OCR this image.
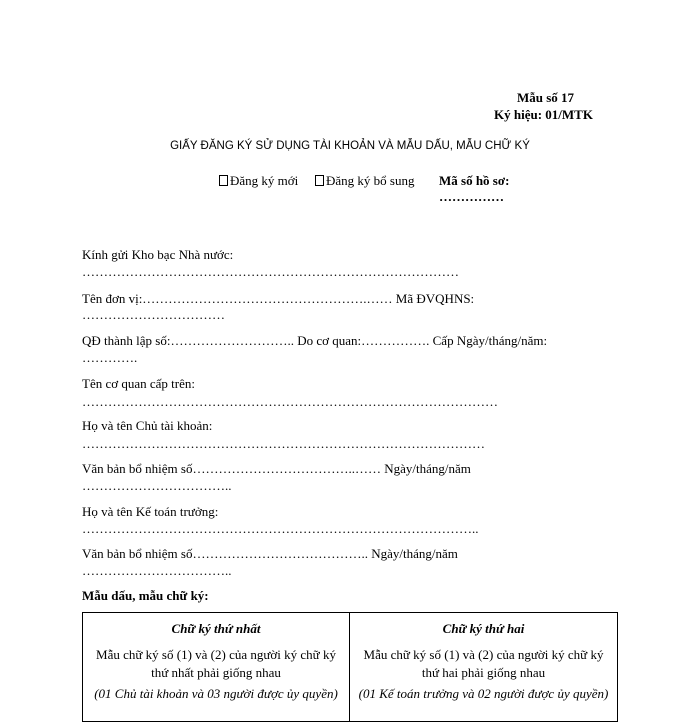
Mẫu số 17
Ký hiệu: 01/MTK
GIẤY ĐĂNG KÝ SỬ DỤNG TÀI KHOẢN VÀ MẪU DẤU, MẪU CHỮ KÝ
Đăng ký mới	Đăng ký bổ sung Mã số hồ sơ:
……………
Kính gửi Kho bạc Nhà nước:
……………………………………………………………………………
Tên đơn vị:…………………………………………….…… Mã ĐVQHNS:
……………………………
QĐ thành lập số:……………………….. Do cơ quan:……………. Cấp Ngày/tháng/năm:
………….
Tên cơ quan cấp trên:
……………………………………………………………………………………
Họ và tên Chủ tài khoản:
…………………………………………………………………………………
Văn bản bổ nhiệm số………………………………..…… Ngày/tháng/năm
……………………………..
Họ và tên Kế toán trưởng:
………………………………………………………………………………..
Văn bản bổ nhiệm số………………………………….. Ngày/tháng/năm
……………………………..
Mẫu dấu, mẫu chữ ký:
Chữ ký thứ nhất
Mẫu chữ ký số (1) và (2) của người ký chữ ký thứ nhất phải giống nhau
(01 Chủ tài khoản và 03 người được ủy quyền)
Chữ ký thứ hai
Mẫu chữ ký số (1) và (2) của người ký chữ ký thứ hai phải giống nhau
(01 Kế toán trưởng và 02 người được ủy quyền)
